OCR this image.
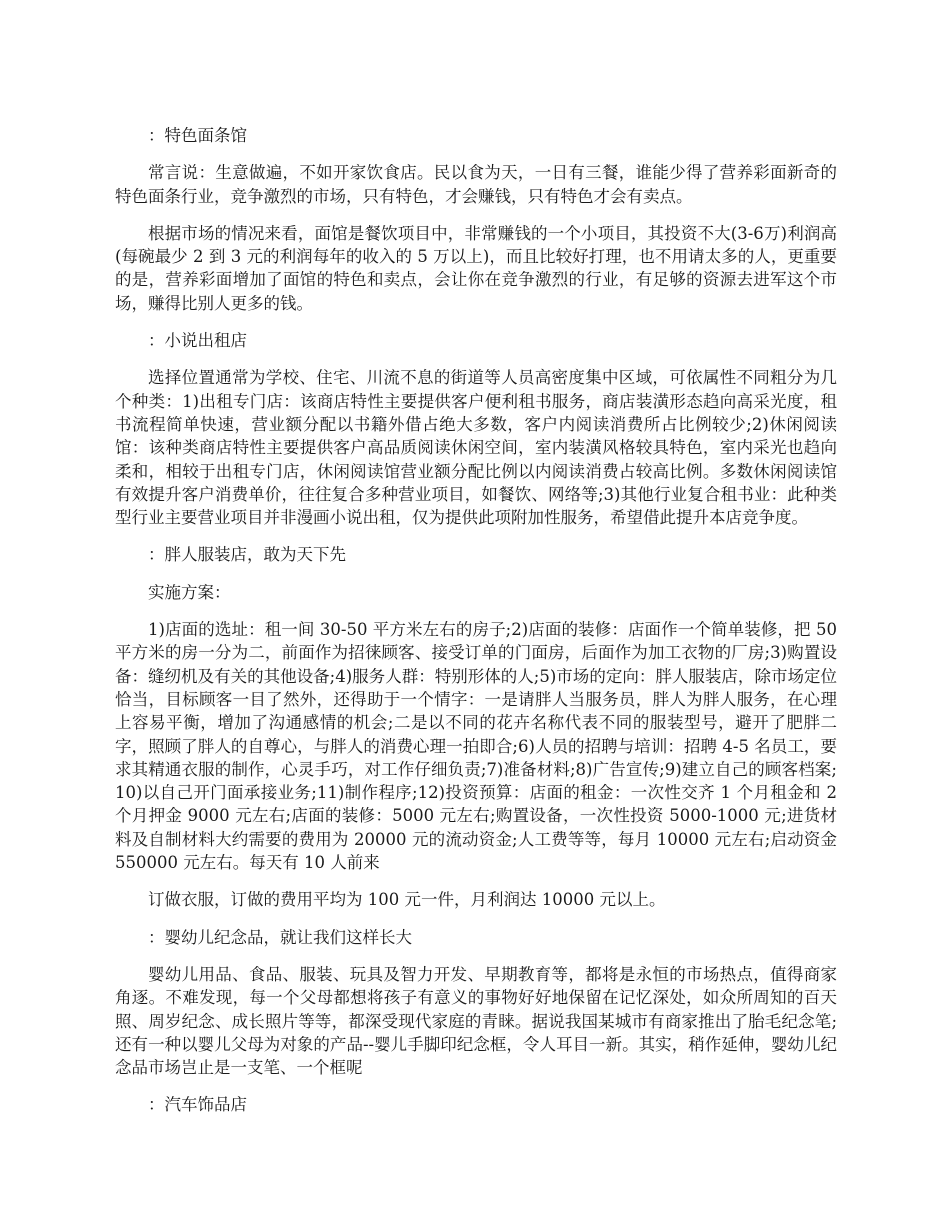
：特色面条馆

常言说：生意做遍，不如开家饮食店。民以食为天，一日有三餐，谁能少得了营养彩面新奇的特色面条行业，竞争激烈的市场，只有特色，才会赚钱，只有特色才会有卖点。

根据市场的情况来看，面馆是餐饮项目中，非常赚钱的一个小项目，其投资不大(3-6万)利润高(每碗最少 2 到 3 元的利润每年的收入的 5 万以上)，而且比较好打理，也不用请太多的人，更重要的是，营养彩面增加了面馆的特色和卖点，会让你在竞争激烈的行业，有足够的资源去进军这个市场，赚得比别人更多的钱。

：小说出租店

选择位置通常为学校、住宅、川流不息的街道等人员高密度集中区域，可依属性不同粗分为几个种类：1)出租专门店：该商店特性主要提供客户便利租书服务，商店装潢形态趋向高采光度，租书流程简单快速，营业额分配以书籍外借占绝大多数，客户内阅读消费所占比例较少;2)休闲阅读馆：该种类商店特性主要提供客户高品质阅读休闲空间，室内装潢风格较具特色，室内采光也趋向柔和，相较于出租专门店，休闲阅读馆营业额分配比例以内阅读消费占较高比例。多数休闲阅读馆有效提升客户消费单价，往往复合多种营业项目，如餐饮、网络等;3)其他行业复合租书业：此种类型行业主要营业项目并非漫画小说出租，仅为提供此项附加性服务，希望借此提升本店竞争度。

：胖人服装店，敢为天下先

实施方案：

1)店面的选址：租一间 30-50 平方米左右的房子;2)店面的装修：店面作一个简单装修，把 50 平方米的房一分为二，前面作为招徕顾客、接受订单的门面房，后面作为加工衣物的厂房;3)购置设备：缝纫机及有关的其他设备;4)服务人群：特别形体的人;5)市场的定向：胖人服装店，除市场定位恰当，目标顾客一目了然外，还得助于一个情字：一是请胖人当服务员，胖人为胖人服务，在心理上容易平衡，增加了沟通感情的机会;二是以不同的花卉名称代表不同的服装型号，避开了肥胖二字，照顾了胖人的自尊心，与胖人的消费心理一拍即合;6)人员的招聘与培训：招聘 4-5 名员工，要求其精通衣服的制作，心灵手巧，对工作仔细负责;7)准备材料;8)广告宣传;9)建立自己的顾客档案;10)以自己开门面承接业务;11)制作程序;12)投资预算：店面的租金：一次性交齐 1 个月租金和 2 个月押金 9000 元左右;店面的装修：5000 元左右;购置设备，一次性投资 5000-1000 元;进货材料及自制材料大约需要的费用为 20000 元的流动资金;人工费等等，每月 10000 元左右;启动资金 550000 元左右。每天有 10 人前来

订做衣服，订做的费用平均为 100 元一件，月利润达 10000 元以上。

：婴幼儿纪念品，就让我们这样长大

婴幼儿用品、食品、服装、玩具及智力开发、早期教育等，都将是永恒的市场热点，值得商家角逐。不难发现，每一个父母都想将孩子有意义的事物好好地保留在记忆深处，如众所周知的百天照、周岁纪念、成长照片等等，都深受现代家庭的青睐。据说我国某城市有商家推出了胎毛纪念笔;还有一种以婴儿父母为对象的产品--婴儿手脚印纪念框，令人耳目一新。其实，稍作延伸，婴幼儿纪念品市场岂止是一支笔、一个框呢

：汽车饰品店
